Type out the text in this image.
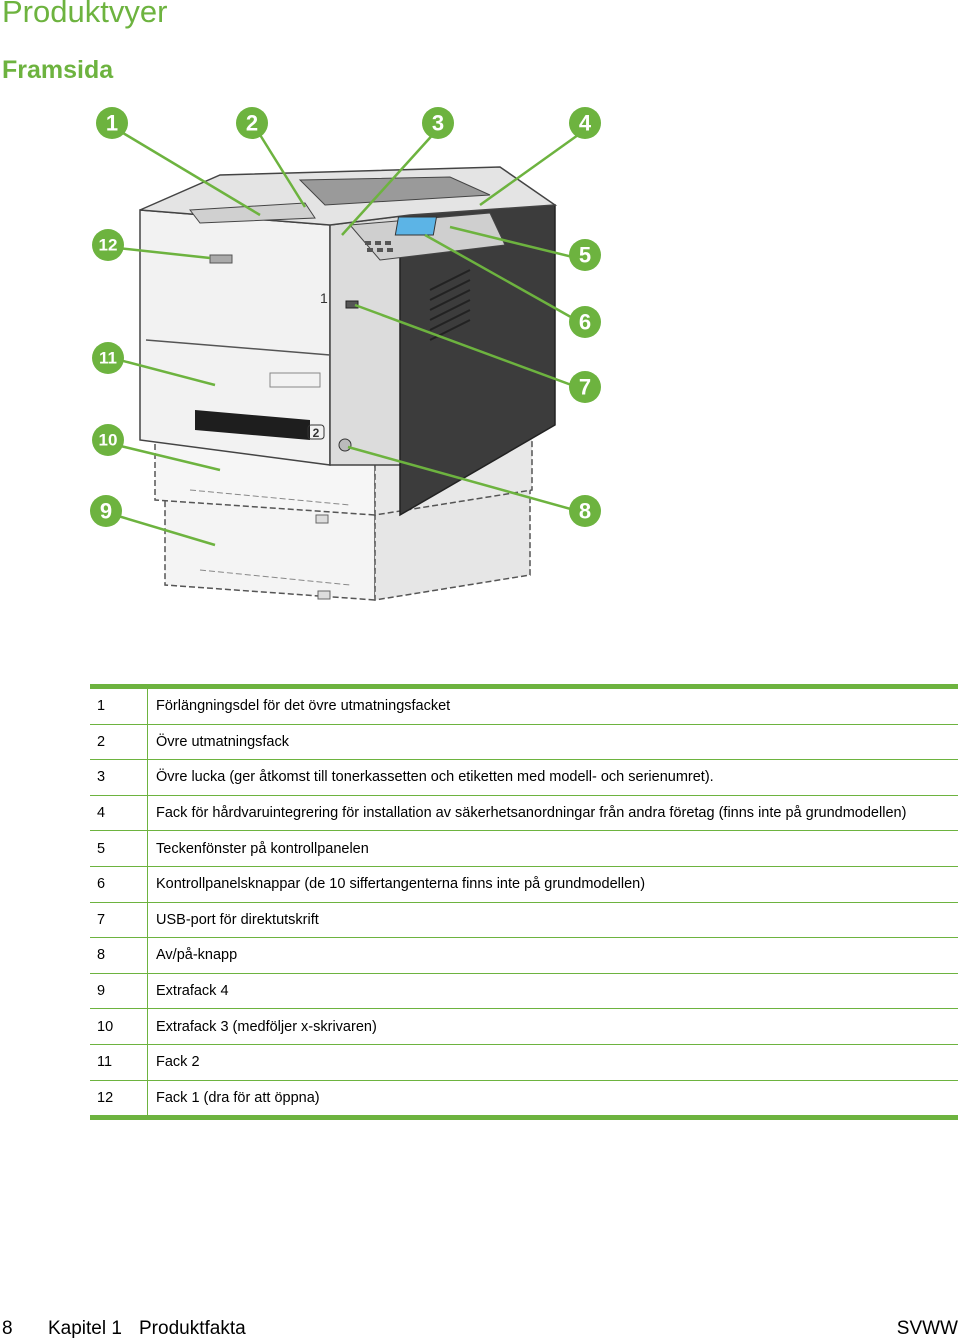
Produktvyer
Framsida
1
2
1	2	3	4
5
6
7
8
9
10
11
12
1	Förlängningsdel för det övre utmatningsfacket
2	Övre utmatningsfack
3	Övre lucka (ger åtkomst till tonerkassetten och etiketten med modell- och serienumret).
4	Fack för hårdvaruintegrering för installation av säkerhetsanordningar från andra företag (finns inte på grundmodellen)
5	Teckenfönster på kontrollpanelen
6	Kontrollpanelsknappar (de 10 siffertangenterna finns inte på grundmodellen)
7	USB-port för direktutskrift
8	Av/på-knapp
9	Extrafack 4
10	Extrafack 3 (medföljer x-skrivaren)
11	Fack 2
12	Fack 1 (dra för att öppna)
8 Kapitel 1 Produktfakta	SVWW
